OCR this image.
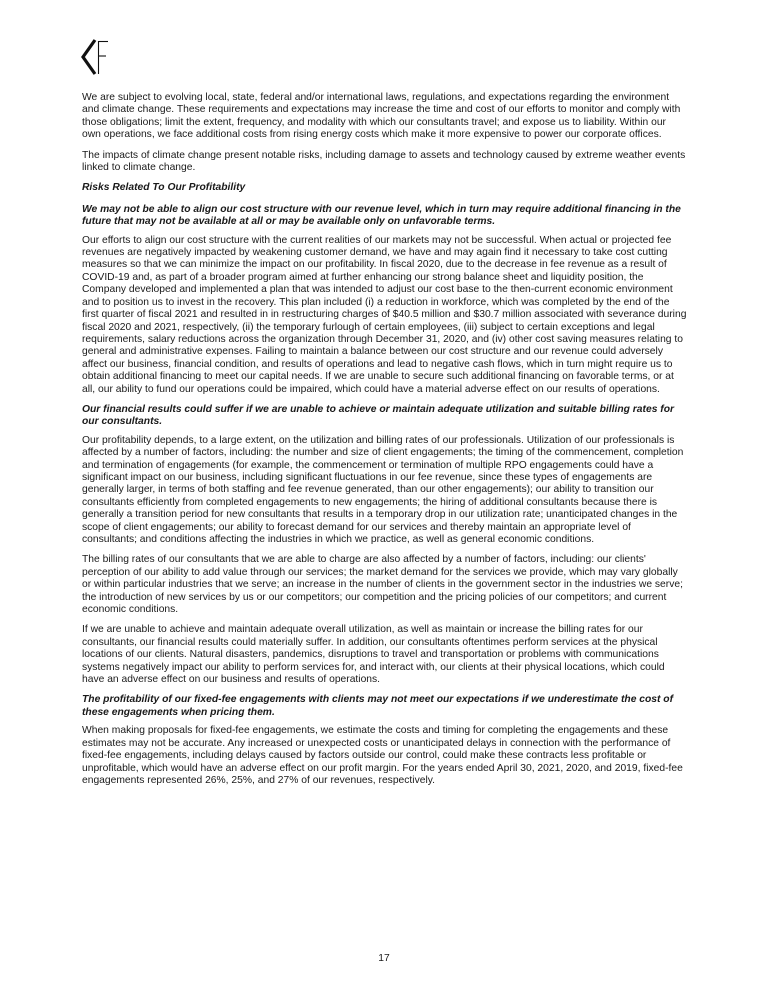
We are subject to evolving local, state, federal and/or international laws, regulations, and expectations regarding the environment and climate change. These requirements and expectations may increase the time and cost of our efforts to monitor and comply with those obligations; limit the extent, frequency, and modality with which our consultants travel; and expose us to liability. Within our own operations, we face additional costs from rising energy costs which make it more expensive to power our corporate offices.

The impacts of climate change present notable risks, including damage to assets and technology caused by extreme weather events linked to climate change.

Risks Related To Our Profitability

We may not be able to align our cost structure with our revenue level, which in turn may require additional financing in the future that may not be available at all or may be available only on unfavorable terms.

Our efforts to align our cost structure with the current realities of our markets may not be successful. When actual or projected fee revenues are negatively impacted by weakening customer demand, we have and may again find it necessary to take cost cutting measures so that we can minimize the impact on our profitability. In fiscal 2020, due to the decrease in fee revenue as a result of COVID-19 and, as part of a broader program aimed at further enhancing our strong balance sheet and liquidity position, the Company developed and implemented a plan that was intended to adjust our cost base to the then-current economic environment and to position us to invest in the recovery. This plan included (i) a reduction in workforce, which was completed by the end of the first quarter of fiscal 2021 and resulted in in restructuring charges of $40.5 million and $30.7 million associated with severance during fiscal 2020 and 2021, respectively, (ii) the temporary furlough of certain employees, (iii) subject to certain exceptions and legal requirements, salary reductions across the organization through December 31, 2020, and (iv) other cost saving measures relating to general and administrative expenses. Failing to maintain a balance between our cost structure and our revenue could adversely affect our business, financial condition, and results of operations and lead to negative cash flows, which in turn might require us to obtain additional financing to meet our capital needs. If we are unable to secure such additional financing on favorable terms, or at all, our ability to fund our operations could be impaired, which could have a material adverse effect on our results of operations.

Our financial results could suffer if we are unable to achieve or maintain adequate utilization and suitable billing rates for our consultants.

Our profitability depends, to a large extent, on the utilization and billing rates of our professionals. Utilization of our professionals is affected by a number of factors, including: the number and size of client engagements; the timing of the commencement, completion and termination of engagements (for example, the commencement or termination of multiple RPO engagements could have a significant impact on our business, including significant fluctuations in our fee revenue, since these types of engagements are generally larger, in terms of both staffing and fee revenue generated, than our other engagements); our ability to transition our consultants efficiently from completed engagements to new engagements; the hiring of additional consultants because there is generally a transition period for new consultants that results in a temporary drop in our utilization rate; unanticipated changes in the scope of client engagements; our ability to forecast demand for our services and thereby maintain an appropriate level of consultants; and conditions affecting the industries in which we practice, as well as general economic conditions.

The billing rates of our consultants that we are able to charge are also affected by a number of factors, including: our clients' perception of our ability to add value through our services; the market demand for the services we provide, which may vary globally or within particular industries that we serve; an increase in the number of clients in the government sector in the industries we serve; the introduction of new services by us or our competitors; our competition and the pricing policies of our competitors; and current economic conditions.

If we are unable to achieve and maintain adequate overall utilization, as well as maintain or increase the billing rates for our consultants, our financial results could materially suffer. In addition, our consultants oftentimes perform services at the physical locations of our clients. Natural disasters, pandemics, disruptions to travel and transportation or problems with communications systems negatively impact our ability to perform services for, and interact with, our clients at their physical locations, which could have an adverse effect on our business and results of operations.

The profitability of our fixed-fee engagements with clients may not meet our expectations if we underestimate the cost of these engagements when pricing them.

When making proposals for fixed-fee engagements, we estimate the costs and timing for completing the engagements and these estimates may not be accurate. Any increased or unexpected costs or unanticipated delays in connection with the performance of fixed-fee engagements, including delays caused by factors outside our control, could make these contracts less profitable or unprofitable, which would have an adverse effect on our profit margin. For the years ended April 30, 2021, 2020, and 2019, fixed-fee engagements represented 26%, 25%, and 27% of our revenues, respectively.

17
